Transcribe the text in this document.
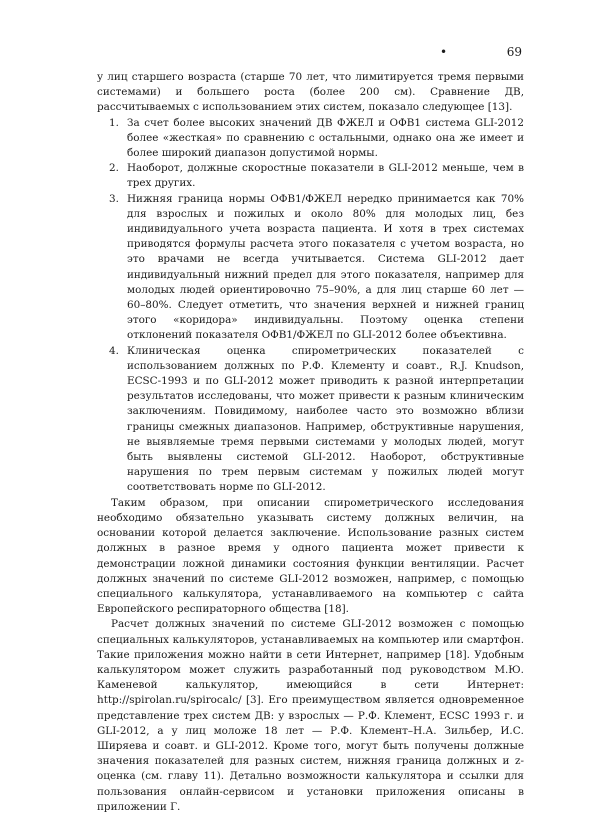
•	69

у лиц старшего возраста (старше 70 лет, что лимитируется тремя первыми системами) и большего роста (более 200 см). Сравнение ДВ, рассчитываемых с использованием этих систем, показало следующее [13].

1. За счет более высоких значений ДВ ФЖЕЛ и ОФВ1 система GLI-2012 более «жесткая» по сравнению с остальными, однако она же имеет и более широкий диапазон допустимой нормы.
2. Наоборот, должные скоростные показатели в GLI-2012 меньше, чем в трех других.
3. Нижняя граница нормы ОФВ1/ФЖЕЛ нередко принимается как 70% для взрослых и пожилых и около 80% для молодых лиц, без индивидуального учета возраста пациента. И хотя в трех системах приводятся формулы расчета этого показателя с учетом возраста, но это врачами не всегда учитывается. Система GLI-2012 дает индивидуальный нижний предел для этого показателя, например для молодых людей ориентировочно 75–90%, а для лиц старше 60 лет — 60–80%. Следует отметить, что значения верхней и нижней границ этого «коридора» индивидуальны. Поэтому оценка степени отклонений показателя ОФВ1/ФЖЕЛ по GLI-2012 более объективна.
4. Клиническая оценка спирометрических показателей с использованием должных по Р.Ф. Клементу и соавт., R.J. Knudson, ECSC-1993 и по GLI-2012 может приводить к разной интерпретации результатов исследованы, что может привести к разным клиническим заключениям. Повидимому, наиболее часто это возможно вблизи границы смежных диапазонов. Например, обструктивные нарушения, не выявляемые тремя первыми системами у молодых людей, могут быть выявлены системой GLI-2012. Наоборот, обструктивные нарушения по трем первым системам у пожилых людей могут соответствовать норме по GLI-2012.

Таким образом, при описании спирометрического исследования необходимо обязательно указывать систему должных величин, на основании которой делается заключение. Использование разных систем должных в разное время у одного пациента может привести к демонстрации ложной динамики состояния функции вентиляции. Расчет должных значений по системе GLI-2012 возможен, например, с помощью специального калькулятора, устанавливаемого на компьютер с сайта Европейского респираторного общества [18].

Расчет должных значений по системе GLI-2012 возможен с помощью специальных калькуляторов, устанавливаемых на компьютер или смартфон. Такие приложения можно найти в сети Интернет, например [18]. Удобным калькулятором может служить разработанный под руководством М.Ю. Каменевой калькулятор, имеющийся в сети Интернет: http://spirolan.ru/spirocalc/ [3]. Его преимуществом является одновременное представление трех систем ДВ: у взрослых — Р.Ф. Клемент, ECSC 1993 г. и GLI-2012, а у лиц моложе 18 лет — Р.Ф. Клемент–Н.А. Зильбер, И.С. Ширяева и соавт. и GLI-2012. Кроме того, могут быть получены должные значения показателей для разных систем, нижняя граница должных и z-оценка (см. главу 11). Детально возможности калькулятора и ссылки для пользования онлайн-сервисом и установки приложения описаны в приложении Г.
